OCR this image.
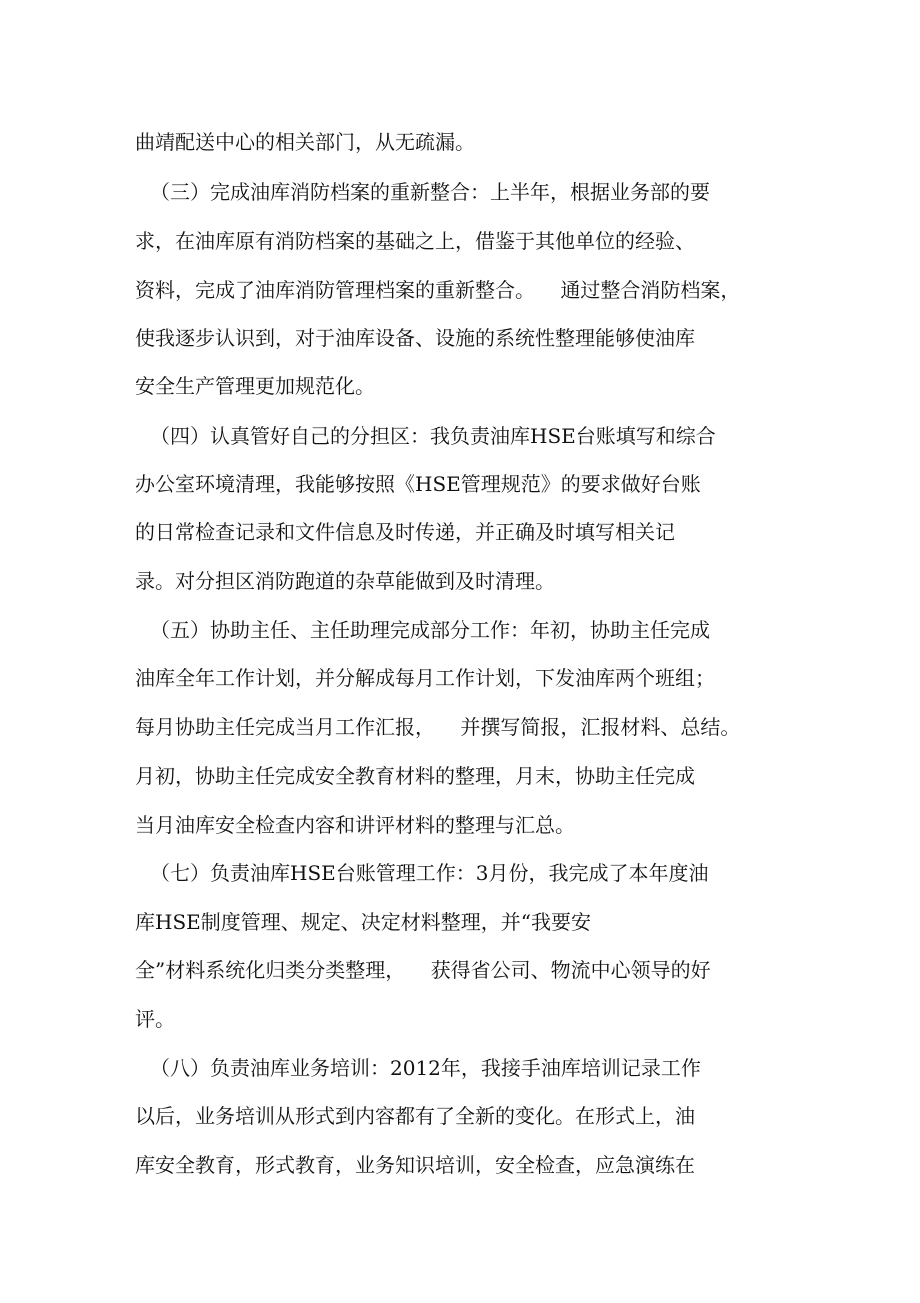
曲靖配送中心的相关部门，从无疏漏。
（三）完成油库消防档案的重新整合：上半年，根据业务部的要
求，在油库原有消防档案的基础之上，借鉴于其他单位的经验、
资料，完成了油库消防管理档案的重新整合。    通过整合消防档案，
使我逐步认识到，对于油库设备、设施的系统性整理能够使油库
安全生产管理更加规范化。
（四）认真管好自己的分担区：我负责油库HSE台账填写和综合
办公室环境清理，我能够按照《HSE管理规范》的要求做好台账
的日常检查记录和文件信息及时传递，并正确及时填写相关记
录。对分担区消防跑道的杂草能做到及时清理。
（五）协助主任、主任助理完成部分工作：年初，协助主任完成
油库全年工作计划，并分解成每月工作计划，下发油库两个班组；
每月协助主任完成当月工作汇报，    并撰写简报，汇报材料、总结。
月初，协助主任完成安全教育材料的整理，月末，协助主任完成
当月油库安全检查内容和讲评材料的整理与汇总。
（七）负责油库HSE台账管理工作：3月份，我完成了本年度油
库HSE制度管理、规定、决定材料整理，并“我要安
全”材料系统化归类分类整理，    获得省公司、物流中心领导的好
评。
（八）负责油库业务培训：2012年，我接手油库培训记录工作
以后，业务培训从形式到内容都有了全新的变化。在形式上，油
库安全教育，形式教育，业务知识培训，安全检查，应急演练在
